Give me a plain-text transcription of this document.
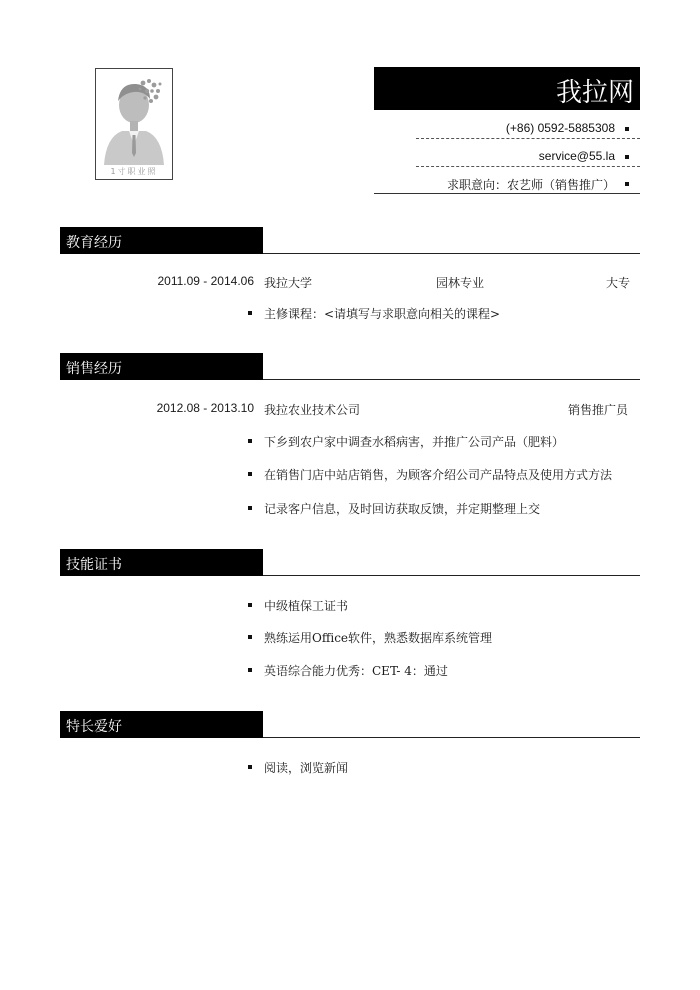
1寸职业照
我拉网
(+86) 0592-5885308
service@55.la
求职意向：农艺师（销售推广）
教育经历
2011.09 - 2014.06 我拉大学	园林专业	大专
主修课程：<请填写与求职意向相关的课程>
销售经历
2012.08 - 2013.10 我拉农业技术公司	销售推广员
下乡到农户家中调查水稻病害，并推广公司产品（肥料）
在销售门店中站店销售，为顾客介绍公司产品特点及使用方式方法
记录客户信息，及时回访获取反馈，并定期整理上交
技能证书
中级植保工证书
熟练运用Office软件，熟悉数据库系统管理
英语综合能力优秀：CET- 4：通过
特长爱好
阅读，浏览新闻
